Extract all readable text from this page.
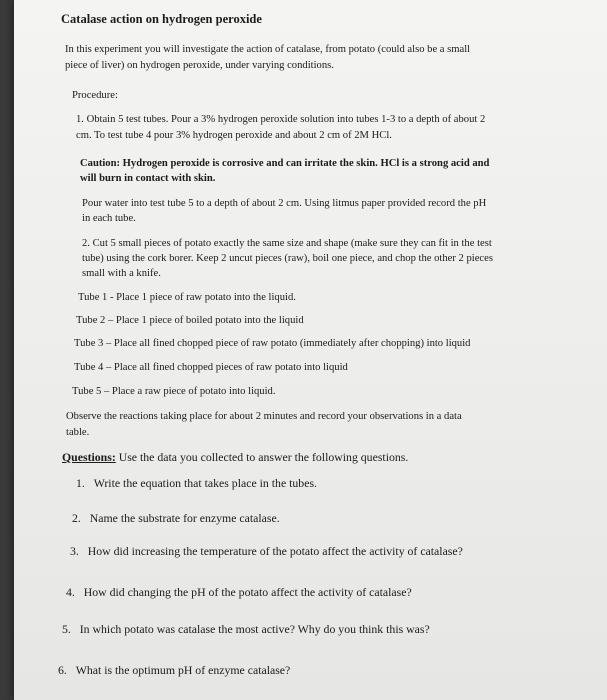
Catalase action on hydrogen peroxide

In this experiment you will investigate the action of catalase, from potato (could also be a small

piece of liver) on hydrogen peroxide, under varying conditions.

Procedure:

1. Obtain 5 test tubes. Pour a 3% hydrogen peroxide solution into tubes 1-3 to a depth of about 2

cm. To test tube 4 pour 3% hydrogen peroxide and about 2 cm of 2M HCl.

Caution: Hydrogen peroxide is corrosive and can irritate the skin. HCl is a strong acid and

will burn in contact with skin.

Pour water into test tube 5 to a depth of about 2 cm. Using litmus paper provided record the pH

in each tube.

2. Cut 5 small pieces of potato exactly the same size and shape (make sure they can fit in the test

tube) using the cork borer. Keep 2 uncut pieces (raw), boil one piece, and chop the other 2 pieces

small with a knife.

Tube 1 - Place 1 piece of raw potato into the liquid.

Tube 2 – Place 1 piece of boiled potato into the liquid

Tube 3 – Place all fined chopped piece of raw potato (immediately after chopping) into liquid

Tube 4 – Place all fined chopped pieces of raw potato into liquid

Tube 5 – Place a raw piece of potato into liquid.

Observe the reactions taking place for about 2 minutes and record your observations in a data

table.

Questions: Use the data you collected to answer the following questions.

1. Write the equation that takes place in the tubes.

2. Name the substrate for enzyme catalase.

3. How did increasing the temperature of the potato affect the activity of catalase?

4. How did changing the pH of the potato affect the activity of catalase?

5. In which potato was catalase the most active? Why do you think this was?

6. What is the optimum pH of enzyme catalase?
